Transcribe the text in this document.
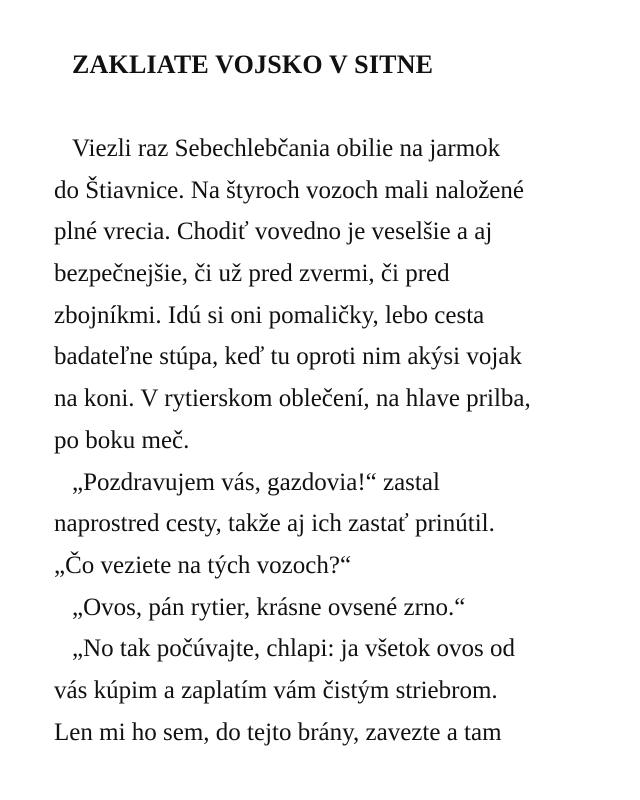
ZAKLIATE VOJSKO V SITNE
Viezli raz Sebechlebčania obilie na jarmok
do Štiavnice. Na štyroch vozoch mali naložené
plné vrecia. Chodiť vovedno je veselšie a aj
bezpečnejšie, či už pred zvermi, či pred
zbojníkmi. Idú si oni pomaličky, lebo cesta
badateľne stúpa, keď tu oproti nim akýsi vojak
na koni. V rytierskom oblečení, na hlave prilba,
po boku meč.
„Pozdravujem vás, gazdovia!“ zastal
naprostred cesty, takže aj ich zastať prinútil.
„Čo veziete na tých vozoch?“
„Ovos, pán rytier, krásne ovsené zrno.“
„No tak počúvajte, chlapi: ja všetok ovos od
vás kúpim a zaplatím vám čistým striebrom.
Len mi ho sem, do tejto brány, zavezte a tam
